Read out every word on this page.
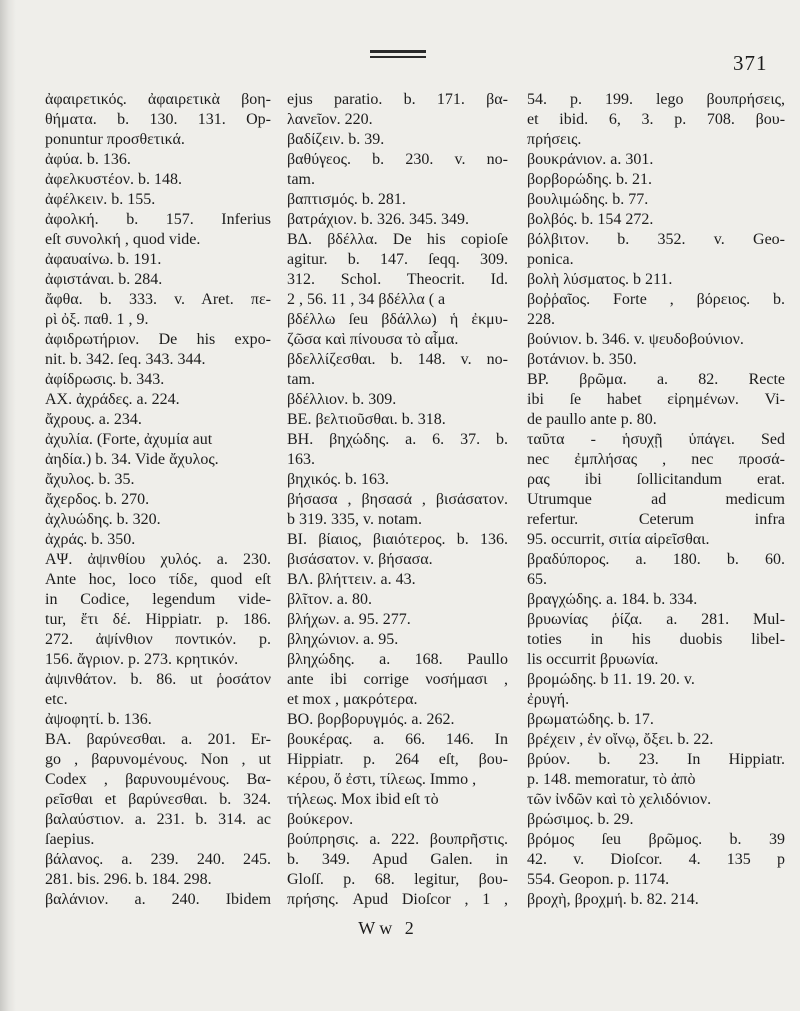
371
ἀφαιρετικός. ἀφαιρετικὰ βοη-
θήματα. b. 130. 131. Op-
ponuntur προσθετικά.
ἀφύα. b. 136.
ἀφελκυστέον. b. 148.
ἀφέλκειν. b. 155.
ἀφολκή. b. 157. Inferius
eſt συνολκή , quod vide.
ἀφαυαίνω. b. 191.
ἀφιστάναι. b. 284.
ἄφθα. b. 333. v. Aret. πε-
ρὶ ὀξ. παθ. 1 , 9.
ἀφιδρωτήριον. De his expo-
nit. b. 342. ſeq. 343. 344.
ἀφίδρωσις. b. 343.
ΑΧ. ἀχράδες. a. 224.
ἄχρους. a. 234.
ἀχυλία. (Forte, ἀχυμία aut
ἀηδία.) b. 34. Vide ἄχυλος.
ἄχυλος. b. 35.
ἄχερδος. b. 270.
ἀχλυώδης. b. 320.
ἀχράς. b. 350.
ΑΨ. ἀψινθίου χυλός. a. 230.
Ante hoc, loco τίδε, quod eſt
in Codice, legendum vide-
tur, ἔτι δέ. Hippiatr. p. 186.
272. ἀψίνθιον ποντικόν. p.
156. ἄγριον. p. 273. κρητικόν.
ἀψινθάτον. b. 86. ut ῥοσάτον
etc.
ἀψοφητί. b. 136.
ΒΑ. βαρύνεσθαι. a. 201. Er-
go , βαρυνομένους. Non , ut
Codex , βαρυνουμένους. Βα-
ρεῖσθαι et βαρύνεσθαι. b. 324.
βαλαύστιον. a. 231. b. 314. ac
ſaepius.
βάλανος. a. 239. 240. 245.
281. bis. 296. b. 184. 298.
βαλάνιον. a. 240. Ibidem
ejus paratio. b. 171. βα-
λανεῖον. 220.
βαδίζειν. b. 39.
βαθύγεος. b. 230. v. no-
tam.
βαπτισμός. b. 281.
βατράχιον. b. 326. 345. 349.
ΒΔ. βδέλλα. De his copioſe
agitur. b. 147. ſeqq. 309.
312. Schol. Theocrit. Id.
2 , 56. 11 , 34 βδέλλα ( a
βδέλλω ſeu βδάλλω) ἡ ἐκμυ-
ζῶσα καὶ πίνουσα τὸ αἷμα.
βδελλίζεσθαι. b. 148. v. no-
tam.
βδέλλιον. b. 309.
ΒΕ. βελτιοῦσθαι. b. 318.
ΒΗ. βηχώδης. a. 6. 37. b.
163.
βηχικός. b. 163.
βήσασα , βησασά , βισάσατον.
b 319. 335, v. notam.
ΒΙ. βίαιος, βιαιότερος. b. 136.
βισάσατον. v. βήσασα.
ΒΛ. βλήττειν. a. 43.
βλῖτον. a. 80.
βλήχων. a. 95. 277.
βληχώνιον. a. 95.
βληχώδης. a. 168. Paullo
ante ibi corrige νοσήμασι ,
et mox , μακρότερα.
ΒΟ. βορβορυγμός. a. 262.
βουκέρας. a. 66. 146. In
Hippiatr. p. 264 eſt, βου-
κέρου, ὅ ἐστι, τίλεως. Immo ,
τήλεως. Mox ibid eſt τὸ
βούκερον.
βούπρησις. a. 222. βουπρῆστις.
b. 349. Apud Galen. in
Gloſſ. p. 68. legitur, βου-
πρήσης. Apud Dioſcor , 1 ,
54. p. 199. lego βουπρήσεις,
et ibid. 6, 3. p. 708. βου-
πρήσεις.
βουκράνιον. a. 301.
βορβορώδης. b. 21.
βουλιμώδης. b. 77.
βολβός. b. 154 272.
βόλβιτον. b. 352. v. Geo-
ponica.
βολὴ λύσματος. b 211.
βοῤῥαῖος. Forte , βόρειος. b.
228.
βούνιον. b. 346. v. ψευδοβούνιον.
βοτάνιον. b. 350.
ΒΡ. βρῶμα. a. 82. Recte
ibi ſe habet εἰρημένων. Vi-
de paullo ante p. 80.
ταῦτα - ἡσυχῇ ὑπάγει. Sed
nec ἐμπλήσας , nec προσά-
ρας ibi ſollicitandum erat.
Utrumque ad medicum
refertur. Ceterum infra
95. occurrit, σιτία αἱρεῖσθαι.
βραδύπορος. a. 180. b. 60.
65.
βραγχώδης. a. 184. b. 334.
βρυωνίας ῥίζα. a. 281. Mul-
toties in his duobis libel-
lis occurrit βρυωνία.
βρομώδης. b 11. 19. 20. v.
ἐρυγή.
βρωματώδης. b. 17.
βρέχειν , ἐν οἴνῳ, ὄξει. b. 22.
βρύον. b. 23. In Hippiatr.
p. 148. memoratur, τὸ ἀπὸ
τῶν ἰνδῶν καὶ τὸ χελιδόνιον.
βρώσιμος. b. 29.
βρόμος ſeu βρῶμος. b. 39
42. v. Dioſcor. 4. 135 p
554. Geopon. p. 1174.
βροχὴ, βροχμή. b. 82. 214.
Ww 2
